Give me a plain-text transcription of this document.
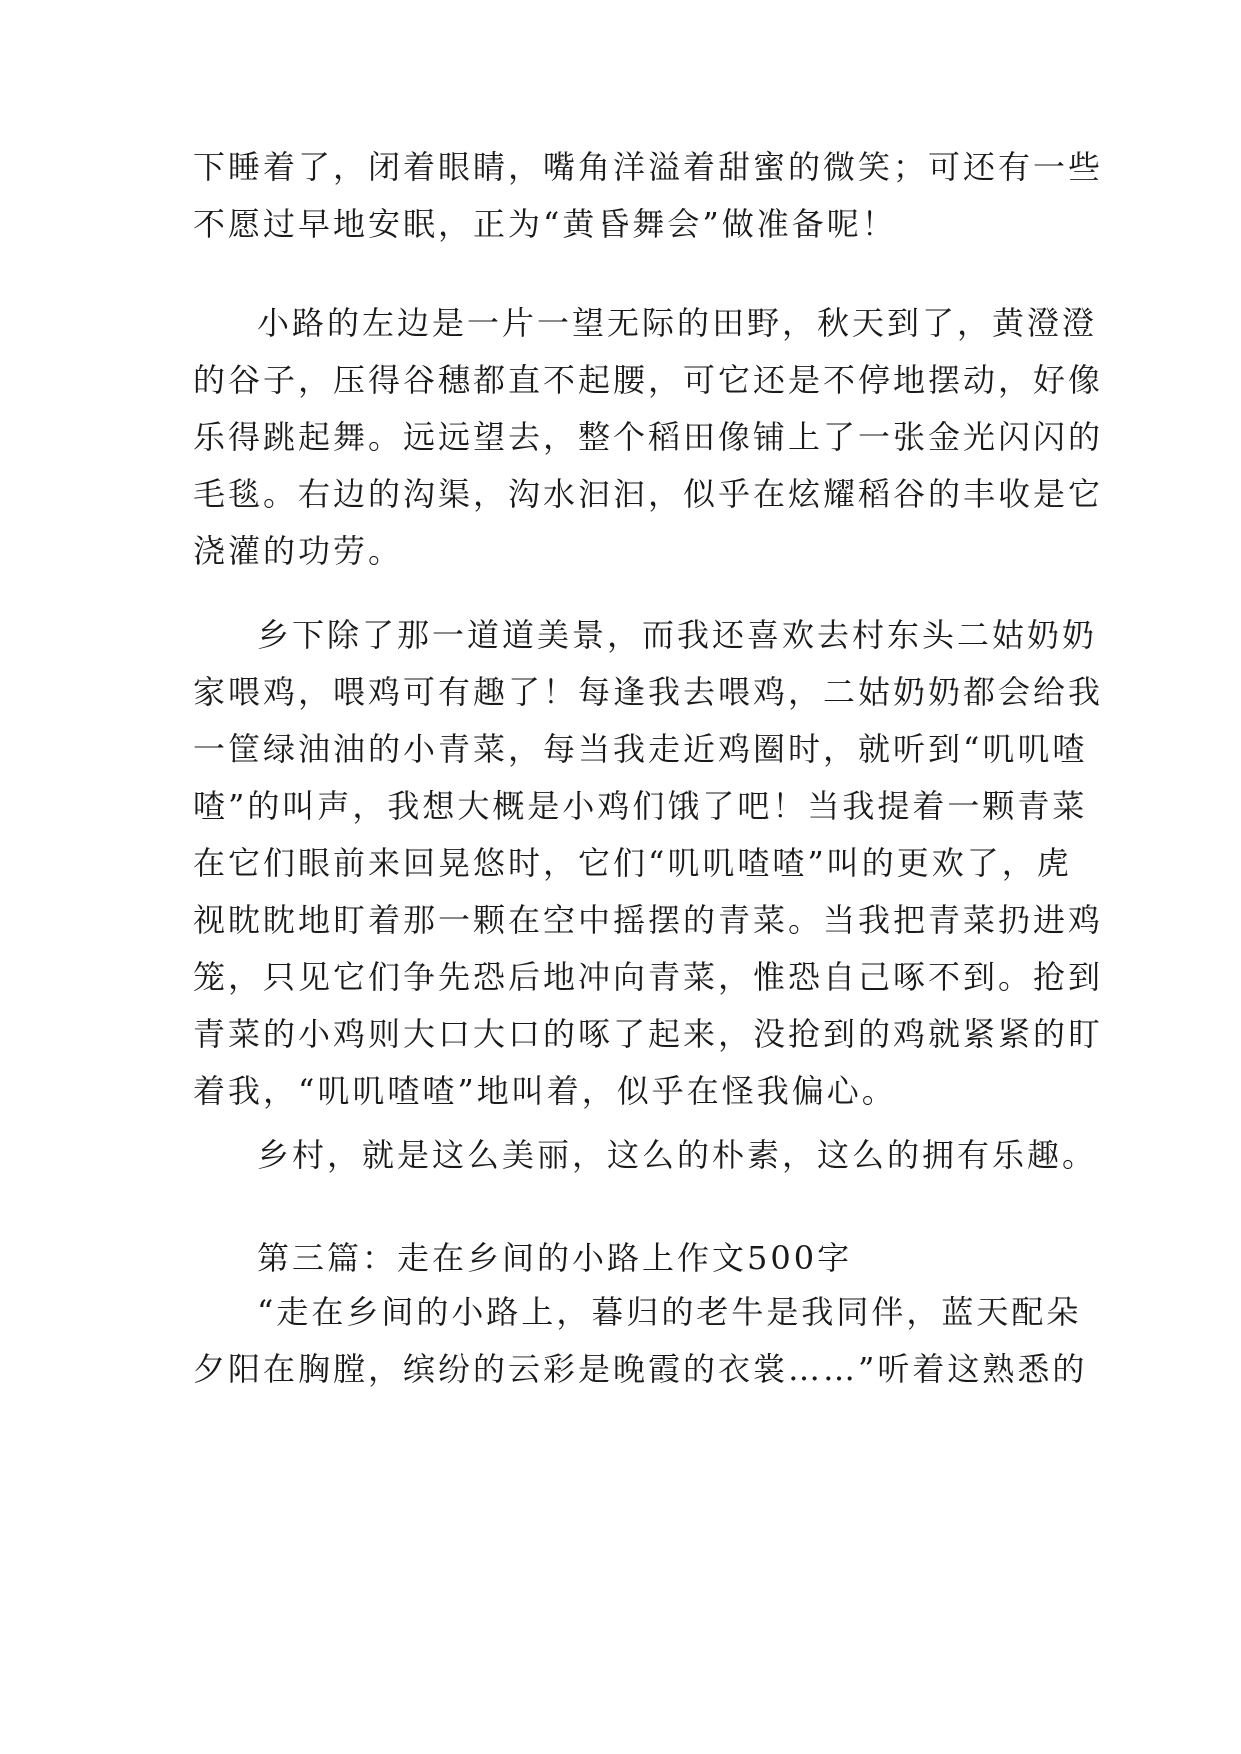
下睡着了，闭着眼睛，嘴角洋溢着甜蜜的微笑；可还有一些
不愿过早地安眠，正为“黄昏舞会”做准备呢！
小路的左边是一片一望无际的田野，秋天到了，黄澄澄
的谷子，压得谷穗都直不起腰，可它还是不停地摆动，好像
乐得跳起舞。远远望去，整个稻田像铺上了一张金光闪闪的
毛毯。右边的沟渠，沟水汩汩，似乎在炫耀稻谷的丰收是它
浇灌的功劳。
乡下除了那一道道美景，而我还喜欢去村东头二姑奶奶
家喂鸡，喂鸡可有趣了！每逢我去喂鸡，二姑奶奶都会给我
一筐绿油油的小青菜，每当我走近鸡圈时，就听到“叽叽喳
喳”的叫声，我想大概是小鸡们饿了吧！当我提着一颗青菜
在它们眼前来回晃悠时，它们“叽叽喳喳”叫的更欢了，虎
视眈眈地盯着那一颗在空中摇摆的青菜。当我把青菜扔进鸡
笼，只见它们争先恐后地冲向青菜，惟恐自己啄不到。抢到
青菜的小鸡则大口大口的啄了起来，没抢到的鸡就紧紧的盯
着我，“叽叽喳喳”地叫着，似乎在怪我偏心。
乡村，就是这么美丽，这么的朴素，这么的拥有乐趣。
第三篇：走在乡间的小路上作文500字
“走在乡间的小路上，暮归的老牛是我同伴，蓝天配朵
夕阳在胸膛，缤纷的云彩是晚霞的衣裳……”听着这熟悉的
